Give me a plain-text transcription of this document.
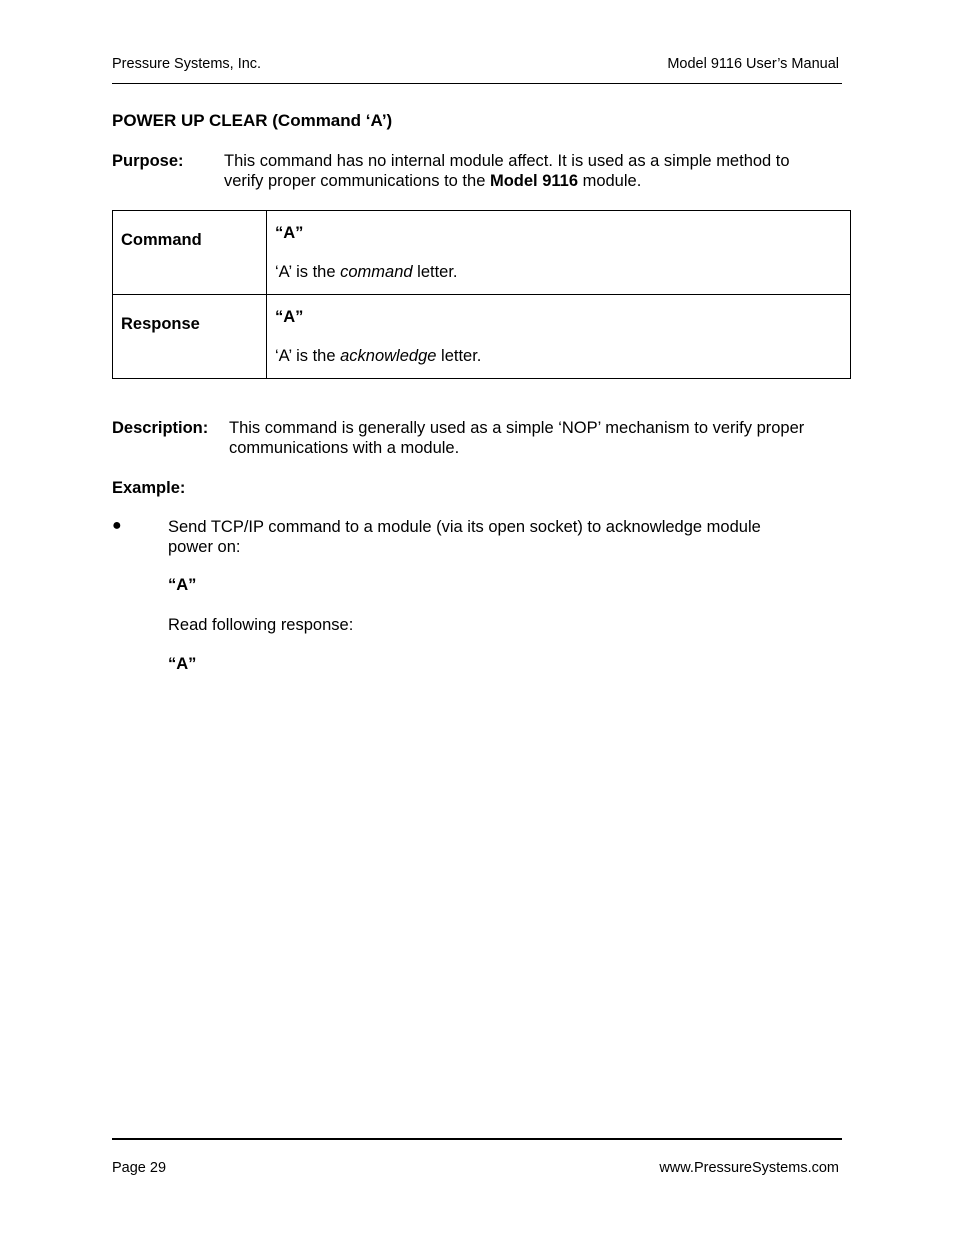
Pressure Systems, Inc.	Model 9116 User’s Manual
POWER UP CLEAR (Command ‘A’)
Purpose: This command has no internal module affect. It is used as a simple method to
verify proper communications to the Model 9116 module.
Command	“A”
‘A’ is the command letter.

Response	“A”
‘A’ is the acknowledge letter.
Description: This command is generally used as a simple ‘NOP’ mechanism to verify proper
communications with a module.
Example:
●	Send TCP/IP command to a module (via its open socket) to acknowledge module
power on:
“A”
Read following response:
“A”
Page 29	www.PressureSystems.com
